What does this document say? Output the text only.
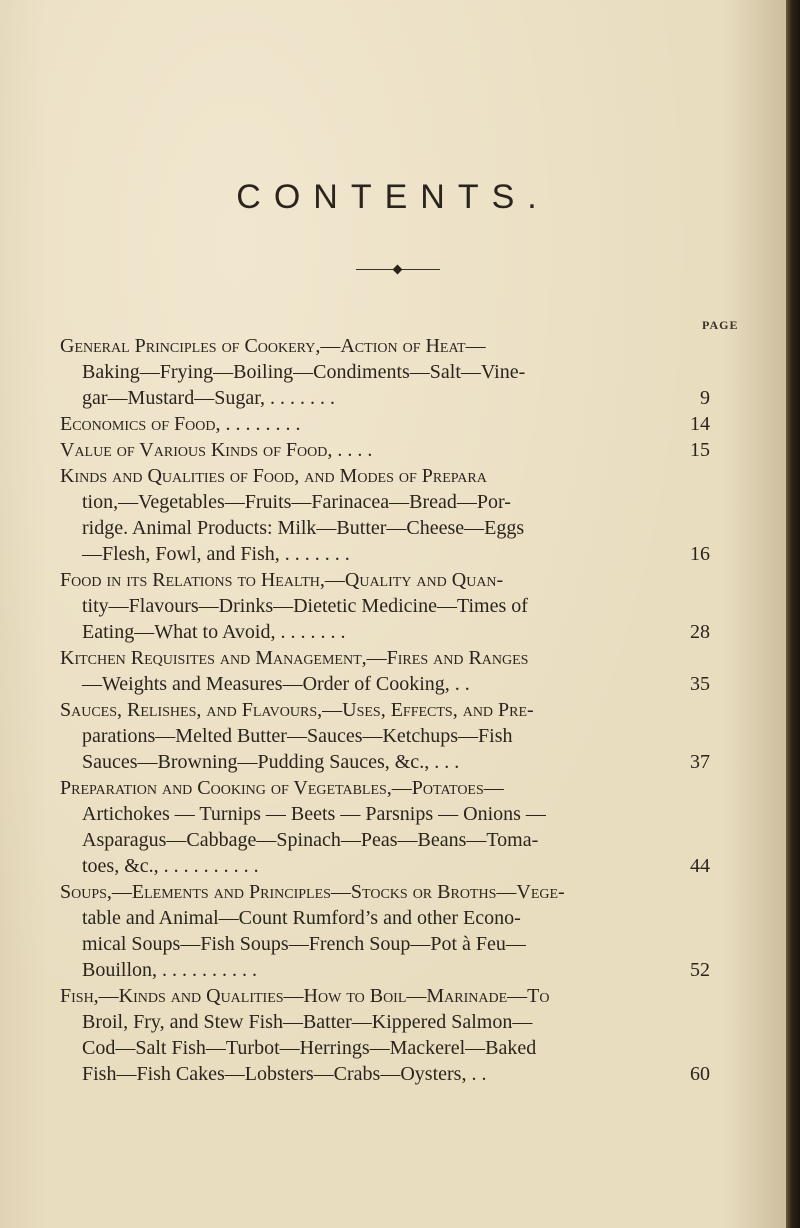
CONTENTS.
PAGE
General Principles of Cookery,—Action of Heat—
Baking—Frying—Boiling—Condiments—Salt—Vine-
gar—Mustard—Sugar, . . . . . . .	9
Economics of Food, . . . . . . . .	14
Value of Various Kinds of Food, . . . .	15
Kinds and Qualities of Food, and Modes of Prepara
tion,—Vegetables—Fruits—Farinacea—Bread—Por-
ridge. Animal Products: Milk—Butter—Cheese—Eggs
—Flesh, Fowl, and Fish, . . . . . . .	16
Food in its Relations to Health,—Quality and Quan-
tity—Flavours—Drinks—Dietetic Medicine—Times of
Eating—What to Avoid, . . . . . . .	28
Kitchen Requisites and Management,—Fires and Ranges
—Weights and Measures—Order of Cooking, . .	35
Sauces, Relishes, and Flavours,—Uses, Effects, and Pre-
parations—Melted Butter—Sauces—Ketchups—Fish
Sauces—Browning—Pudding Sauces, &c., . . .	37
Preparation and Cooking of Vegetables,—Potatoes—
Artichokes — Turnips — Beets — Parsnips — Onions —
Asparagus—Cabbage—Spinach—Peas—Beans—Toma-
toes, &c., . . . . . . . . . .	44
Soups,—Elements and Principles—Stocks or Broths—Vege-
table and Animal—Count Rumford’s and other Econo-
mical Soups—Fish Soups—French Soup—Pot à Feu—
Bouillon, . . . . . . . . . .	52
Fish,—Kinds and Qualities—How to Boil—Marinade—To
Broil, Fry, and Stew Fish—Batter—Kippered Salmon—
Cod—Salt Fish—Turbot—Herrings—Mackerel—Baked
Fish—Fish Cakes—Lobsters—Crabs—Oysters, . .	60
